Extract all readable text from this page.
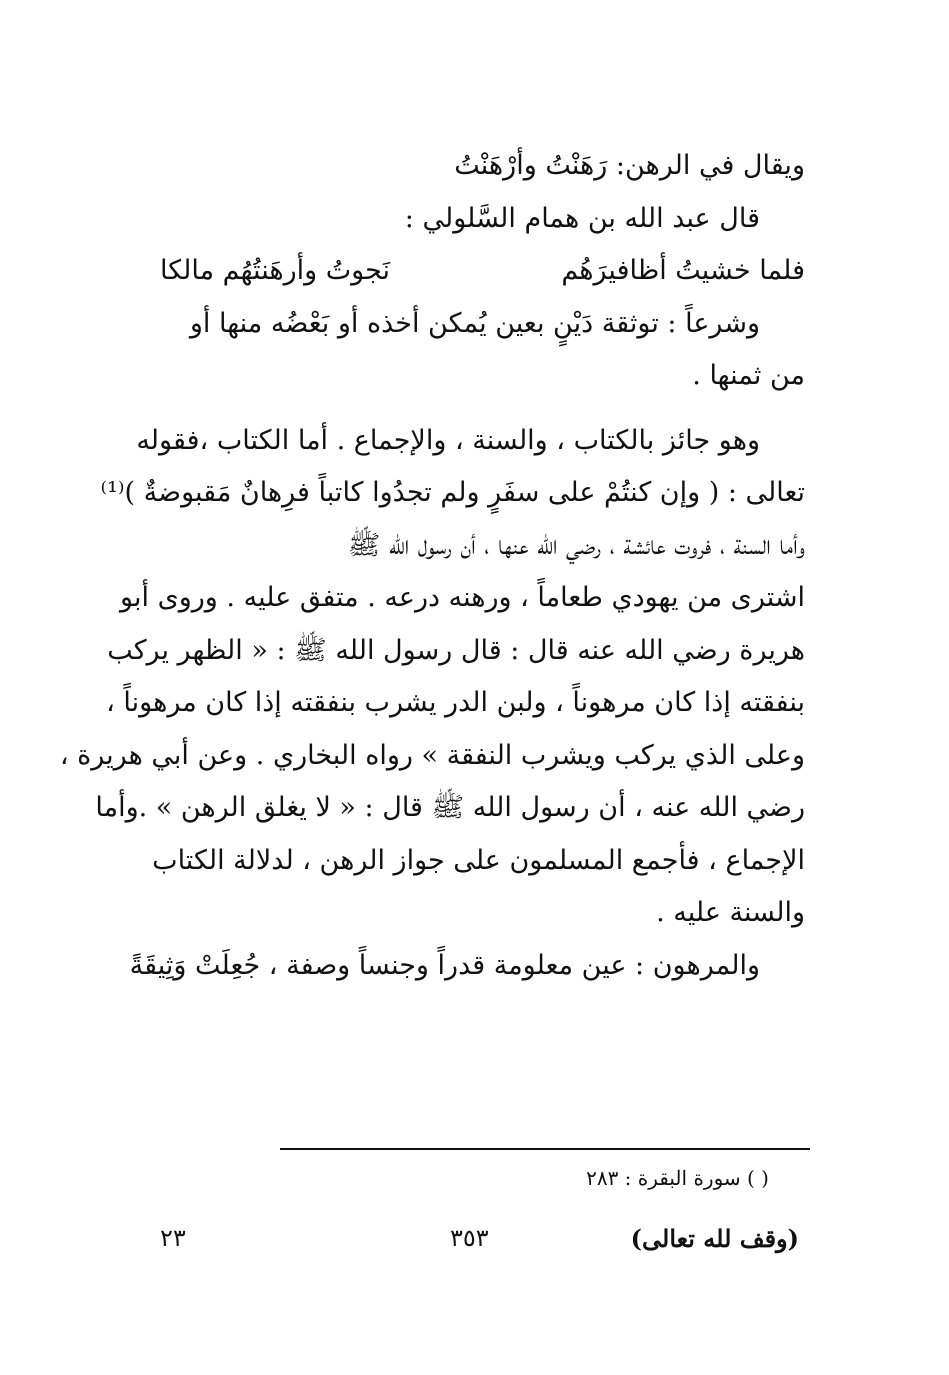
ويقال في الرهن: رَهَنْتُ وأرْهَنْتُ
قال عبد الله بن همام السَّلولي :
فلما خشيتُ أظافيرَهُم
نَجوتُ وأرهَنتُهُم مالكا
وشرعاً : توثقة دَيْنٍ بعين يُمكن أخذه أو بَعْضُه منها أو
من ثمنها .
وهو جائز بالكتاب ، والسنة ، والإجماع . أما الكتاب ،فقوله
تعالى : ( وإن كنتُمْ على سفَرٍ ولم تجدُوا كاتباً فرِهانٌ مَقبوضةٌ )⁽¹⁾
وأما السنة ، فروت عائشة ، رضي الله عنها ، أن رسول الله ﷺ
اشترى من يهودي طعاماً ، ورهنه درعه . متفق عليه . وروى أبو
هريرة رضي الله عنه قال : قال رسول الله ﷺ : « الظهر يركب
بنفقته إذا كان مرهوناً ، ولبن الدر يشرب بنفقته إذا كان مرهوناً ،
وعلى الذي يركب ويشرب النفقة » رواه البخاري . وعن أبي هريرة ،
رضي الله عنه ، أن رسول الله ﷺ قال : « لا يغلق الرهن » .وأما
الإجماع ، فأجمع المسلمون على جواز الرهن ، لدلالة الكتاب
والسنة عليه .
والمرهون : عين معلومة قدراً وجنساً وصفة ، جُعِلَتْ وَثِيقَةً
( ) سورة البقرة : ٢٨٣
٢٣	٣٥٣	(وقف لله تعالى)
